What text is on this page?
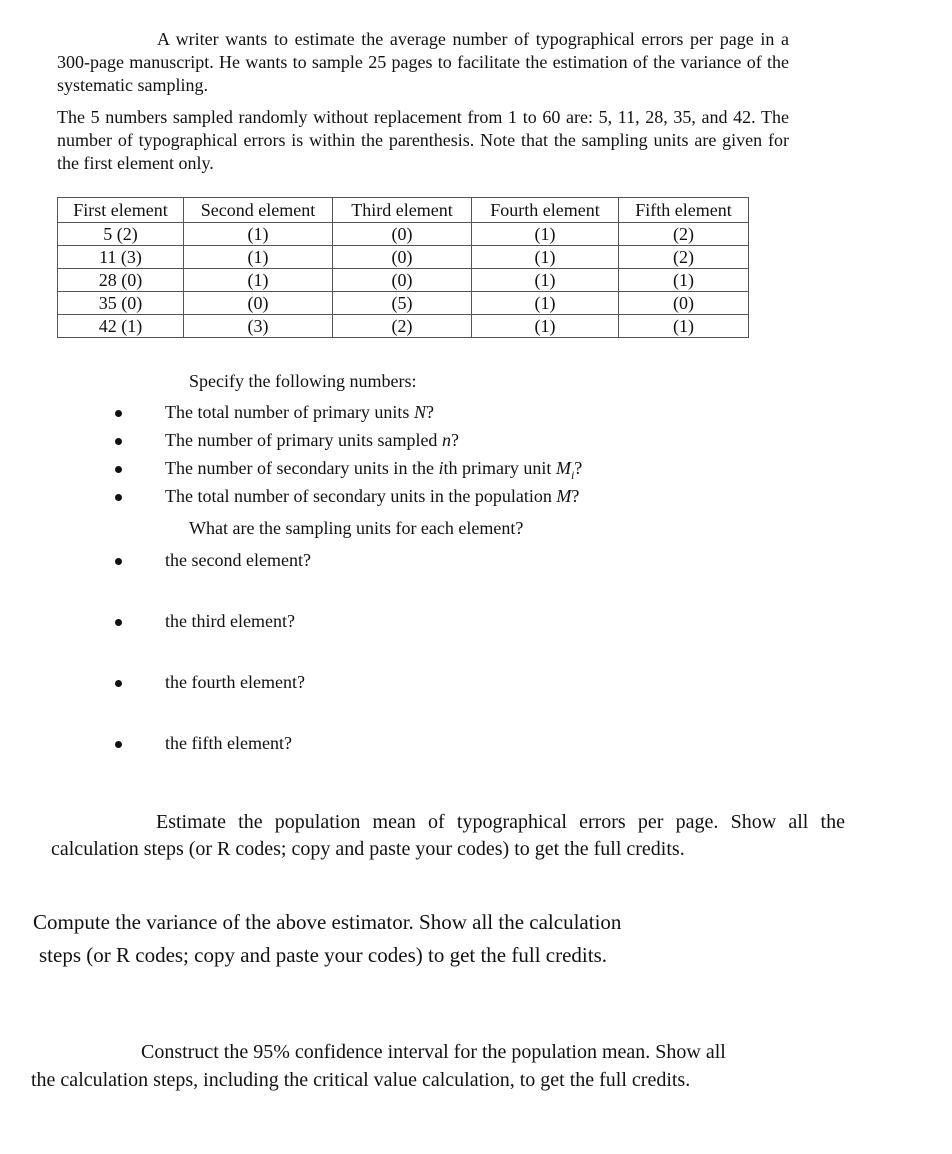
A writer wants to estimate the average number of typographical errors per page in a 300-page manuscript. He wants to sample 25 pages to facilitate the estimation of the variance of the systematic sampling.

The 5 numbers sampled randomly without replacement from 1 to 60 are: 5, 11, 28, 35, and 42. The number of typographical errors is within the parenthesis. Note that the sampling units are given for the first element only.

First element	Second element	Third element	Fourth element	Fifth element
5 (2)	(1)	(0)	(1)	(2)
11 (3)	(1)	(0)	(1)	(2)
28 (0)	(1)	(0)	(1)	(1)
35 (0)	(0)	(5)	(1)	(0)
42 (1)	(3)	(2)	(1)	(1)
Specify the following numbers:
The total number of primary units N?
The number of primary units sampled n?
The number of secondary units in the ith primary unit $M_i$?
The total number of secondary units in the population M?
What are the sampling units for each element?
the second element?
the third element?
the fourth element?
the fifth element?

Estimate the population mean of typographical errors per page. Show all the calculation steps (or R codes; copy and paste your codes) to get the full credits.

Compute the variance of the above estimator. Show all the calculation
steps (or R codes; copy and paste your codes) to get the full credits.
Construct the 95% confidence interval for the population mean. Show all
the calculation steps, including the critical value calculation, to get the full credits.
